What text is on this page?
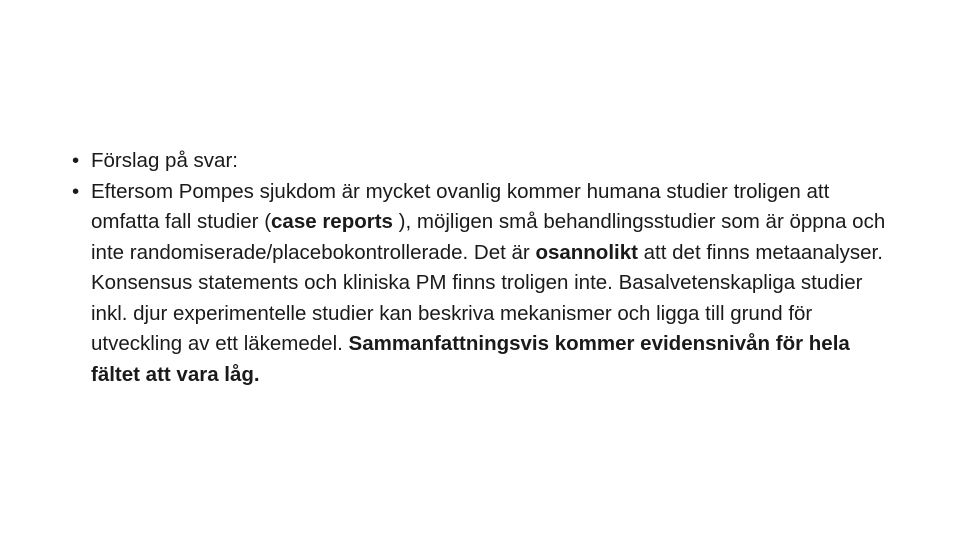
• Förslag på svar:

• Eftersom Pompes sjukdom är mycket ovanlig kommer humana studier troligen att omfatta fall studier (case reports ), möjligen små behandlingsstudier som är öppna och inte randomiserade/placebokontrollerade. Det är osannolikt att det finns metaanalyser. Konsensus statements och kliniska PM finns troligen inte. Basalvetenskapliga studier inkl. djur experimentelle studier kan beskriva mekanismer och ligga till grund för utveckling av ett läkemedel. Sammanfattningsvis kommer evidensnivån för hela fältet att vara låg.
